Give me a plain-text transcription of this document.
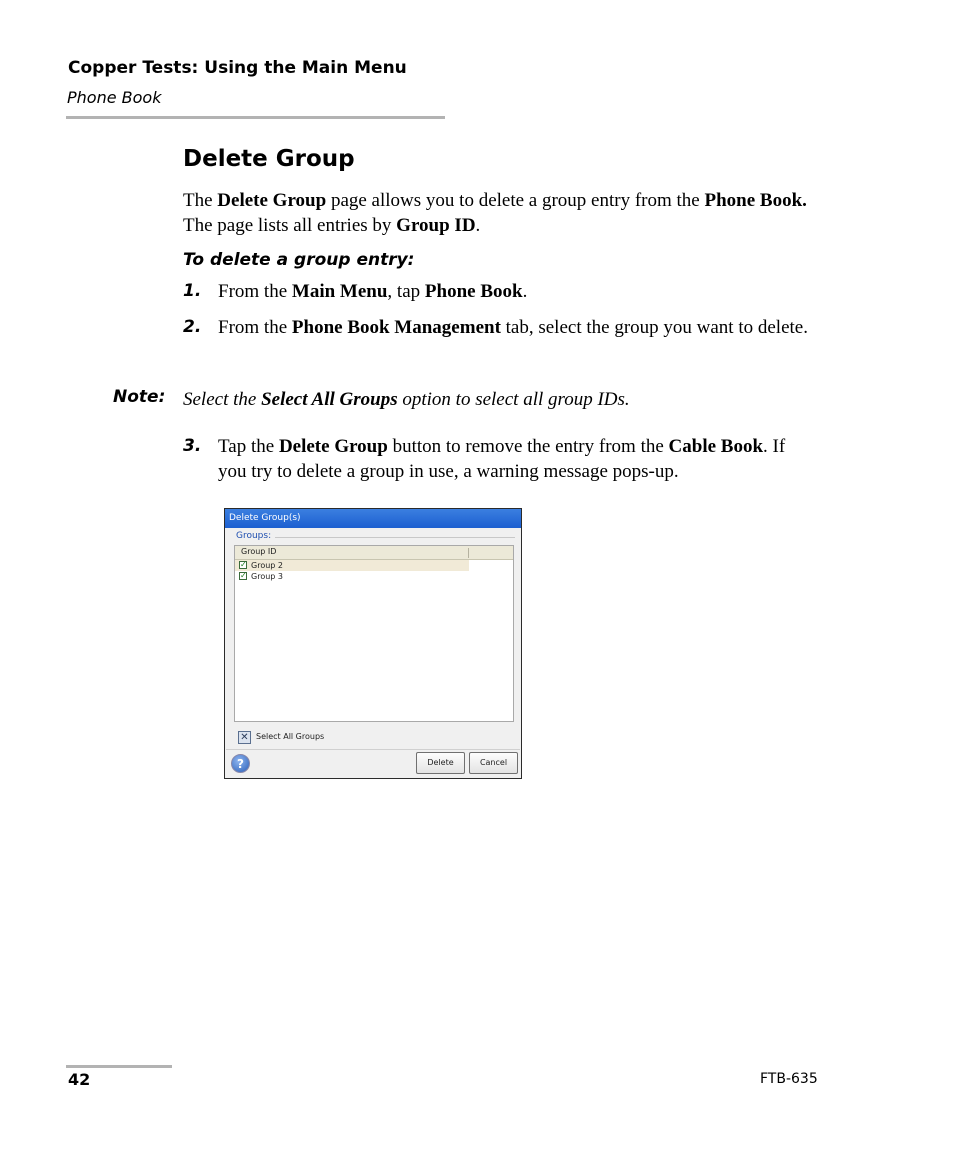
Copper Tests: Using the Main Menu
Phone Book
Delete Group
The Delete Group page allows you to delete a group entry from the Phone Book. The page lists all entries by Group ID.
To delete a group entry:
1. From the Main Menu, tap Phone Book.
2. From the Phone Book Management tab, select the group you want to delete.
Note: Select the Select All Groups option to select all group IDs.
3. Tap the Delete Group button to remove the entry from the Cable Book. If you try to delete a group in use, a warning message pops-up.
Delete Group(s)
Groups:
Group ID
✓ Group 2
✓ Group 3
✕ Select All Groups
?	Delete	Cancel
42	FTB-635
